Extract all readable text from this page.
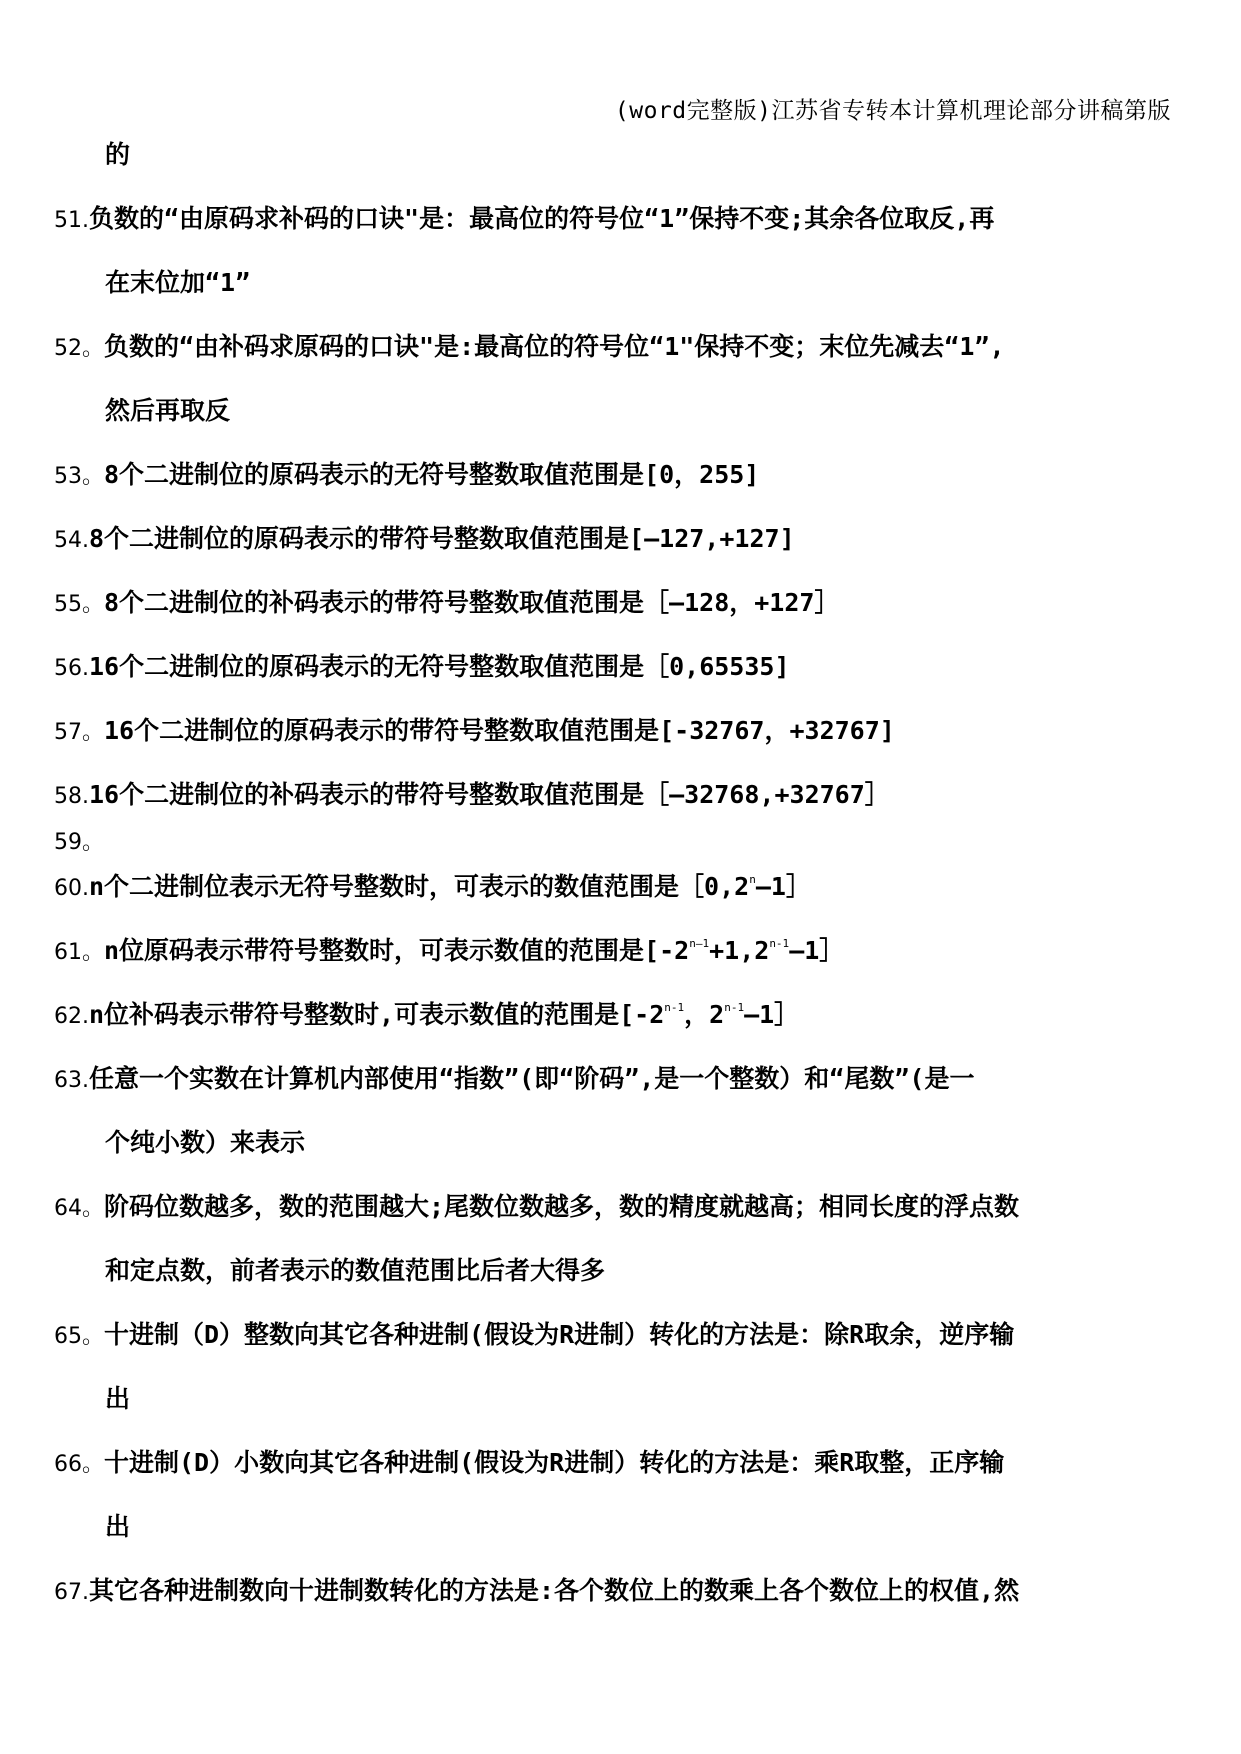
(word完整版)江苏省专转本计算机理论部分讲稿第版
的
51.负数的“由原码求补码的口诀"是：最高位的符号位“1”保持不变;其余各位取反,再
在末位加“1”
52。负数的“由补码求原码的口诀"是:最高位的符号位“1"保持不变；末位先减去“1”,
然后再取反
53。8个二进制位的原码表示的无符号整数取值范围是[0，255]
54.8个二进制位的原码表示的带符号整数取值范围是[—127,+127]
55。8个二进制位的补码表示的带符号整数取值范围是［—128，+127］
56.16个二进制位的原码表示的无符号整数取值范围是［0,65535]
57。16个二进制位的原码表示的带符号整数取值范围是[-32767，+32767]
58.16个二进制位的补码表示的带符号整数取值范围是［—32768,+32767］
59。
60.n个二进制位表示无符号整数时，可表示的数值范围是［0,2$^n$—1］
61。n位原码表示带符号整数时，可表示数值的范围是[$-2^{n—1}+1,2^{n-1}—1]$
62.n位补码表示带符号整数时,可表示数值的范围是[-2$^{n-1}$，2$^{n-1}$—1］
63.任意一个实数在计算机内部使用“指数”(即“阶码”,是一个整数）和“尾数”(是一
个纯小数）来表示
64。阶码位数越多，数的范围越大;尾数位数越多，数的精度就越高；相同长度的浮点数
和定点数，前者表示的数值范围比后者大得多
65。十进制（D）整数向其它各种进制(假设为R进制）转化的方法是：除R取余，逆序输
出
66。十进制(D）小数向其它各种进制(假设为R进制）转化的方法是：乘R取整，正序输
出
67.其它各种进制数向十进制数转化的方法是:各个数位上的数乘上各个数位上的权值,然
